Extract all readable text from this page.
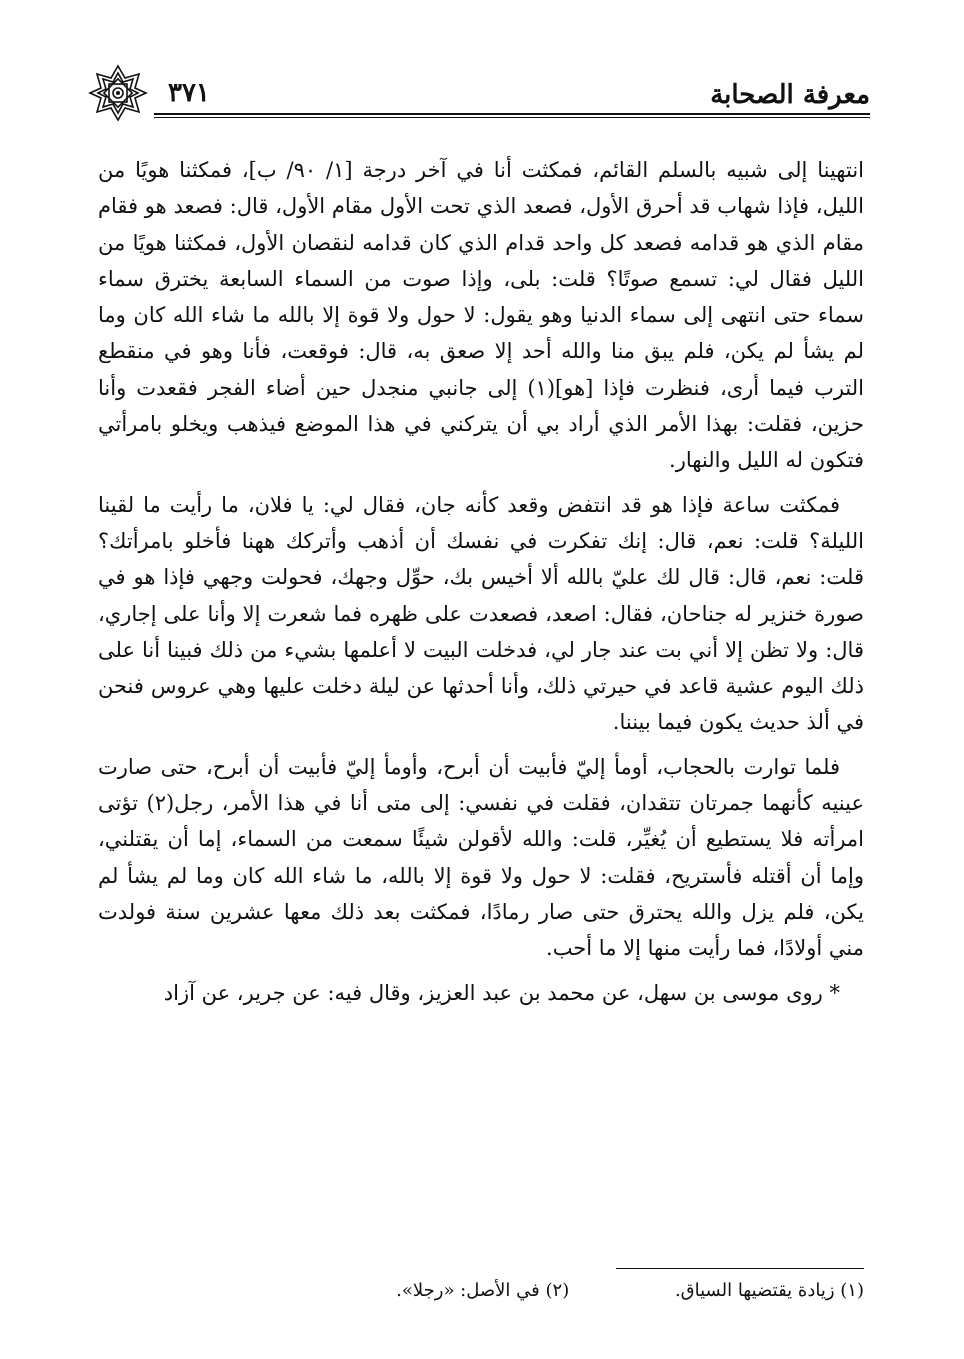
٣٧١	معرفة الصحابة

انتهينا إلى شبيه بالسلم القائم، فمكثت أنا في آخر درجة [١/ ٩٠/ ب]، فمكثنا هويًا من الليل، فإذا شهاب قد أحرق الأول، فصعد الذي تحت الأول مقام الأول، قال: فصعد هو فقام مقام الذي هو قدامه فصعد كل واحد قدام الذي كان قدامه لنقصان الأول، فمكثنا هويًا من الليل فقال لي: تسمع صوتًا؟ قلت: بلى، وإذا صوت من السماء السابعة يخترق سماء سماء حتى انتهى إلى سماء الدنيا وهو يقول: لا حول ولا قوة إلا بالله ما شاء الله كان وما لم يشأ لم يكن، فلم يبق منا والله أحد إلا صعق به، قال: فوقعت، فأنا وهو في منقطع الترب فيما أرى، فنظرت فإذا [هو](١) إلى جانبي منجدل حين أضاء الفجر فقعدت وأنا حزين، فقلت: بهذا الأمر الذي أراد بي أن يتركني في هذا الموضع فيذهب ويخلو بامرأتي فتكون له الليل والنهار.

فمكثت ساعة فإذا هو قد انتفض وقعد كأنه جان، فقال لي: يا فلان، ما رأيت ما لقينا الليلة؟ قلت: نعم، قال: إنك تفكرت في نفسك أن أذهب وأتركك ههنا فأخلو بامرأتك؟ قلت: نعم، قال: قال لك عليّ بالله ألا أخيس بك، حوِّل وجهك، فحولت وجهي فإذا هو في صورة خنزير له جناحان، فقال: اصعد، فصعدت على ظهره فما شعرت إلا وأنا على إجاري، قال: ولا تظن إلا أني بت عند جار لي، فدخلت البيت لا أعلمها بشيء من ذلك فبينا أنا على ذلك اليوم عشية قاعد في حيرتي ذلك، وأنا أحدثها عن ليلة دخلت عليها وهي عروس فنحن في ألذ حديث يكون فيما بيننا.

فلما توارت بالحجاب، أومأ إليّ فأبيت أن أبرح، وأومأ إليّ فأبيت أن أبرح، حتى صارت عينيه كأنهما جمرتان تتقدان، فقلت في نفسي: إلى متى أنا في هذا الأمر، رجل(٢) تؤتى امرأته فلا يستطيع أن يُغيِّر، قلت: والله لأقولن شيئًا سمعت من السماء، إما أن يقتلني، وإما أن أقتله فأستريح، فقلت: لا حول ولا قوة إلا بالله، ما شاء الله كان وما لم يشأ لم يكن، فلم يزل والله يحترق حتى صار رمادًا، فمكثت بعد ذلك معها عشرين سنة فولدت مني أولادًا، فما رأيت منها إلا ما أحب.

* روى موسى بن سهل، عن محمد بن عبد العزيز، وقال فيه: عن جرير، عن آزاد

(١) زيادة يقتضيها السياق. (٢) في الأصل: «رجلا».
